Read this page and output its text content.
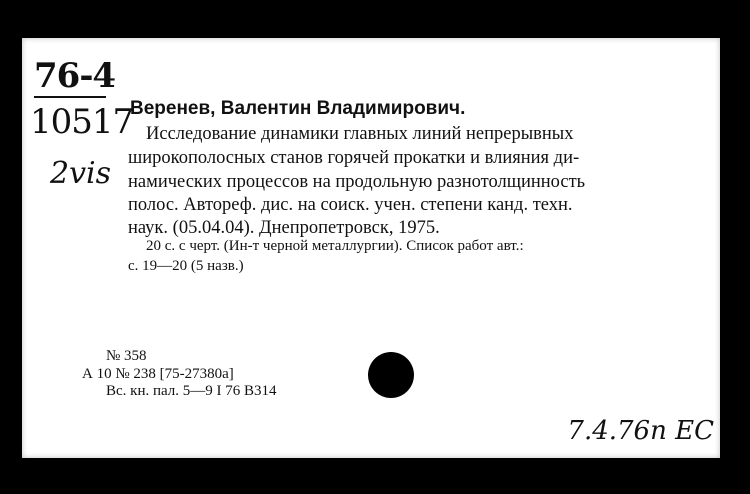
76-4
10517
2vis
Веренев, Валентин Владимирович.
Исследование динамики главных линий непрерывных
широкополосных станов горячей прокатки и влияния ди-
намических процессов на продольную разнотолщинность
полос. Автореф. дис. на соиск. учен. степени канд. техн.
наук. (05.04.04). Днепропетровск, 1975.
20 с. с черт. (Ин-т черной металлургии). Список работ авт.:
с. 19—20 (5 назв.)
№ 358
А 10 № 238 [75-27380а]
Вс. кн. пал. 5—9 I 76 В314
7.4.76п ЕС
